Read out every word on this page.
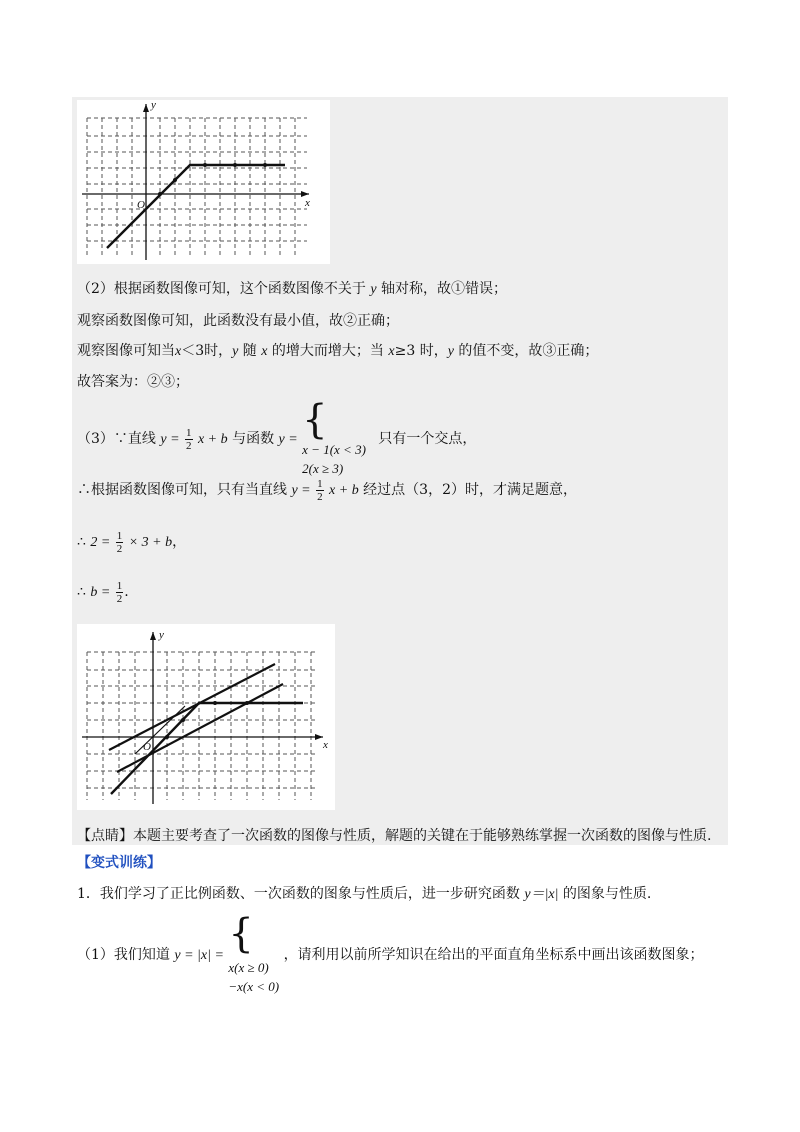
y
x
O
（2）根据函数图像可知，这个函数图像不关于 y 轴对称，故①错误；
观察函数图像可知，此函数没有最小值，故②正确；
观察图像可知当x＜3时，y 随 x 的增大而增大；当 x≥3 时，y 的值不变，故③正确；
故答案为：②③；
（3）∵直线 $y = \frac{1}{2}$ x + b 与函数 y = {
x − 1(x < 3)
2(x ≥ 3)
只有一个交点，
∴根据函数图像可知，只有当直线 $y = \frac{1}{2}$ x + b 经过点（3，2）时，才满足题意，
∴ $2 = \frac{1}{2} \times 3 + b$，
∴ $b = \frac{1}{2}$ .
y
x
O
【点睛】本题主要考查了一次函数的图像与性质，解题的关键在于能够熟练掌握一次函数的图像与性质.
【变式训练】
1．我们学习了正比例函数、一次函数的图象与性质后，进一步研究函数 y＝|x| 的图象与性质.
（1）我们知道 y = |x| = {
x(x ≥ 0)
−x(x < 0)
，请利用以前所学知识在给出的平面直角坐标系中画出该函数图象；
